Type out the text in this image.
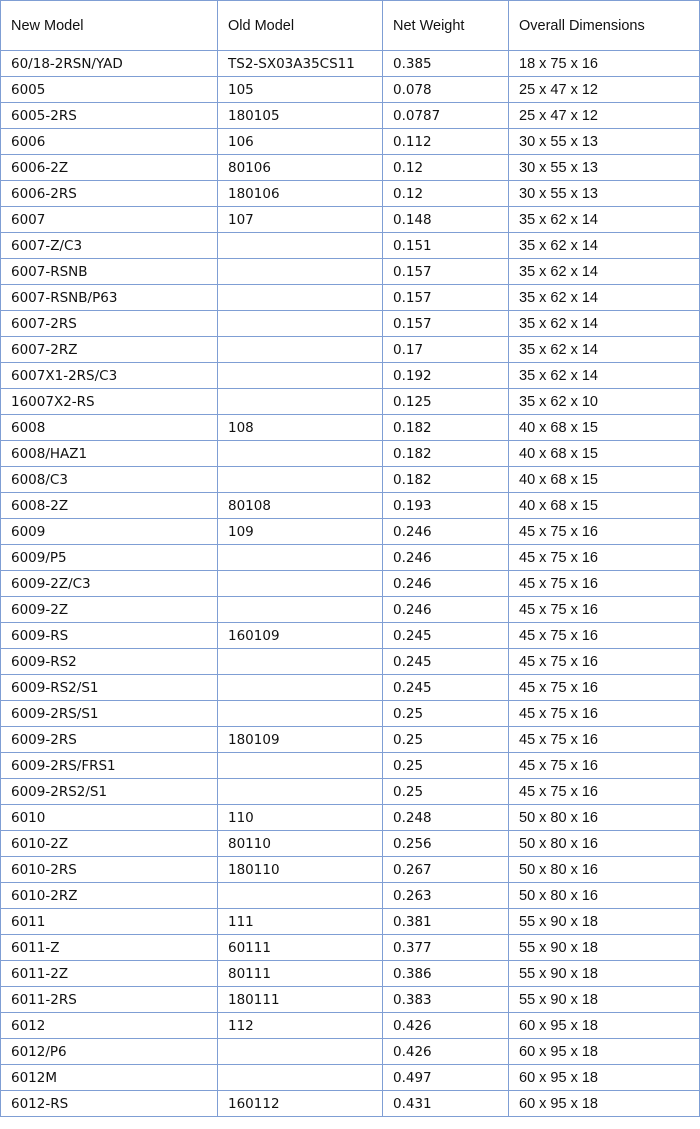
New Model	Old Model	Net Weight	Overall Dimensions
60/18-2RSN/YAD	TS2-SX03A35CS11	0.385	18 x 75 x 16
6005	105	0.078	25 x 47 x 12
6005-2RS	180105	0.0787	25 x 47 x 12
6006	106	0.112	30 x 55 x 13
6006-2Z	80106	0.12	30 x 55 x 13
6006-2RS	180106	0.12	30 x 55 x 13
6007	107	0.148	35 x 62 x 14
6007-Z/C3		0.151	35 x 62 x 14
6007-RSNB		0.157	35 x 62 x 14
6007-RSNB/P63		0.157	35 x 62 x 14
6007-2RS		0.157	35 x 62 x 14
6007-2RZ		0.17	35 x 62 x 14
6007X1-2RS/C3		0.192	35 x 62 x 14
16007X2-RS		0.125	35 x 62 x 10
6008	108	0.182	40 x 68 x 15
6008/HAZ1		0.182	40 x 68 x 15
6008/C3		0.182	40 x 68 x 15
6008-2Z	80108	0.193	40 x 68 x 15
6009	109	0.246	45 x 75 x 16
6009/P5		0.246	45 x 75 x 16
6009-2Z/C3		0.246	45 x 75 x 16
6009-2Z		0.246	45 x 75 x 16
6009-RS	160109	0.245	45 x 75 x 16
6009-RS2		0.245	45 x 75 x 16
6009-RS2/S1		0.245	45 x 75 x 16
6009-2RS/S1		0.25	45 x 75 x 16
6009-2RS	180109	0.25	45 x 75 x 16
6009-2RS/FRS1		0.25	45 x 75 x 16
6009-2RS2/S1		0.25	45 x 75 x 16
6010	110	0.248	50 x 80 x 16
6010-2Z	80110	0.256	50 x 80 x 16
6010-2RS	180110	0.267	50 x 80 x 16
6010-2RZ		0.263	50 x 80 x 16
6011	111	0.381	55 x 90 x 18
6011-Z	60111	0.377	55 x 90 x 18
6011-2Z	80111	0.386	55 x 90 x 18
6011-2RS	180111	0.383	55 x 90 x 18
6012	112	0.426	60 x 95 x 18
6012/P6		0.426	60 x 95 x 18
6012M		0.497	60 x 95 x 18
6012-RS	160112	0.431	60 x 95 x 18
